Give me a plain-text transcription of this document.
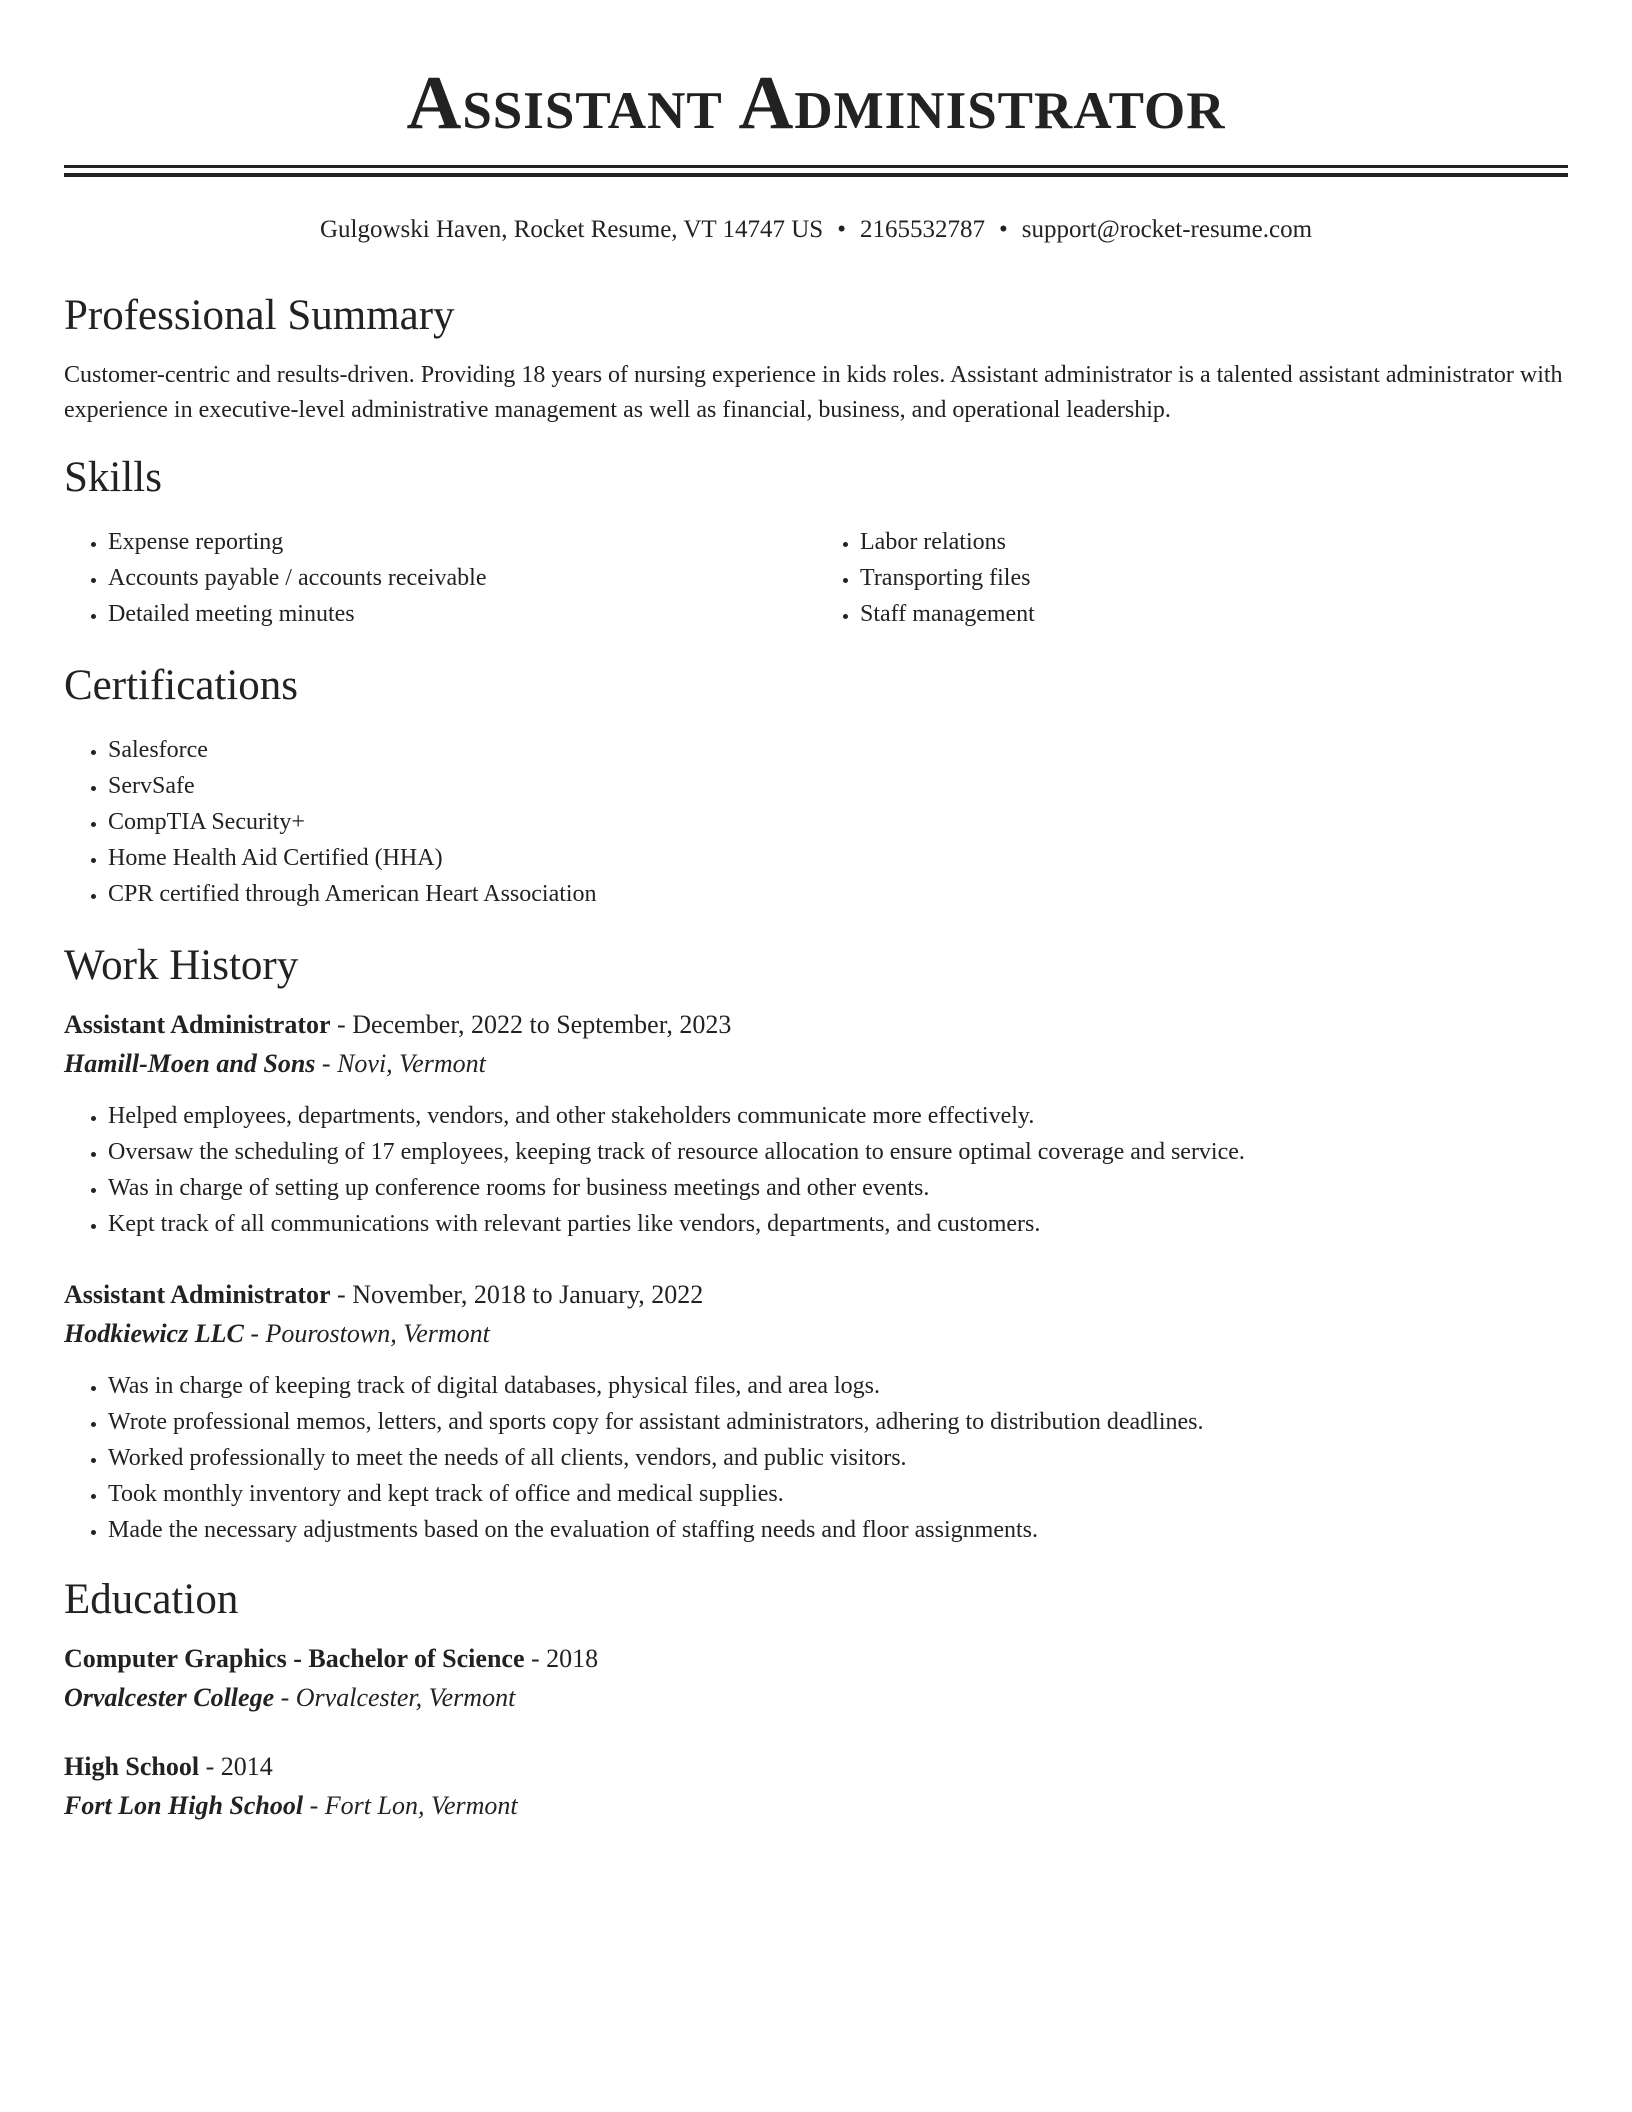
Assistant Administrator
Gulgowski Haven, Rocket Resume, VT 14747 US • 2165532787 • support@rocket-resume.com
Professional Summary
Customer-centric and results-driven. Providing 18 years of nursing experience in kids roles. Assistant administrator is a talented assistant administrator with experience in executive-level administrative management as well as financial, business, and operational leadership.
Skills
• Expense reporting
• Accounts payable / accounts receivable
• Detailed meeting minutes
• Labor relations
• Transporting files
• Staff management
Certifications
• Salesforce
• ServSafe
• CompTIA Security+
• Home Health Aid Certified (HHA)
• CPR certified through American Heart Association
Work History
Assistant Administrator - December, 2022 to September, 2023
Hamill-Moen and Sons - Novi, Vermont
• Helped employees, departments, vendors, and other stakeholders communicate more effectively.
• Oversaw the scheduling of 17 employees, keeping track of resource allocation to ensure optimal coverage and service.
• Was in charge of setting up conference rooms for business meetings and other events.
• Kept track of all communications with relevant parties like vendors, departments, and customers.
Assistant Administrator - November, 2018 to January, 2022
Hodkiewicz LLC - Pourostown, Vermont
• Was in charge of keeping track of digital databases, physical files, and area logs.
• Wrote professional memos, letters, and sports copy for assistant administrators, adhering to distribution deadlines.
• Worked professionally to meet the needs of all clients, vendors, and public visitors.
• Took monthly inventory and kept track of office and medical supplies.
• Made the necessary adjustments based on the evaluation of staffing needs and floor assignments.
Education
Computer Graphics - Bachelor of Science - 2018
Orvalcester College - Orvalcester, Vermont
High School - 2014
Fort Lon High School - Fort Lon, Vermont
